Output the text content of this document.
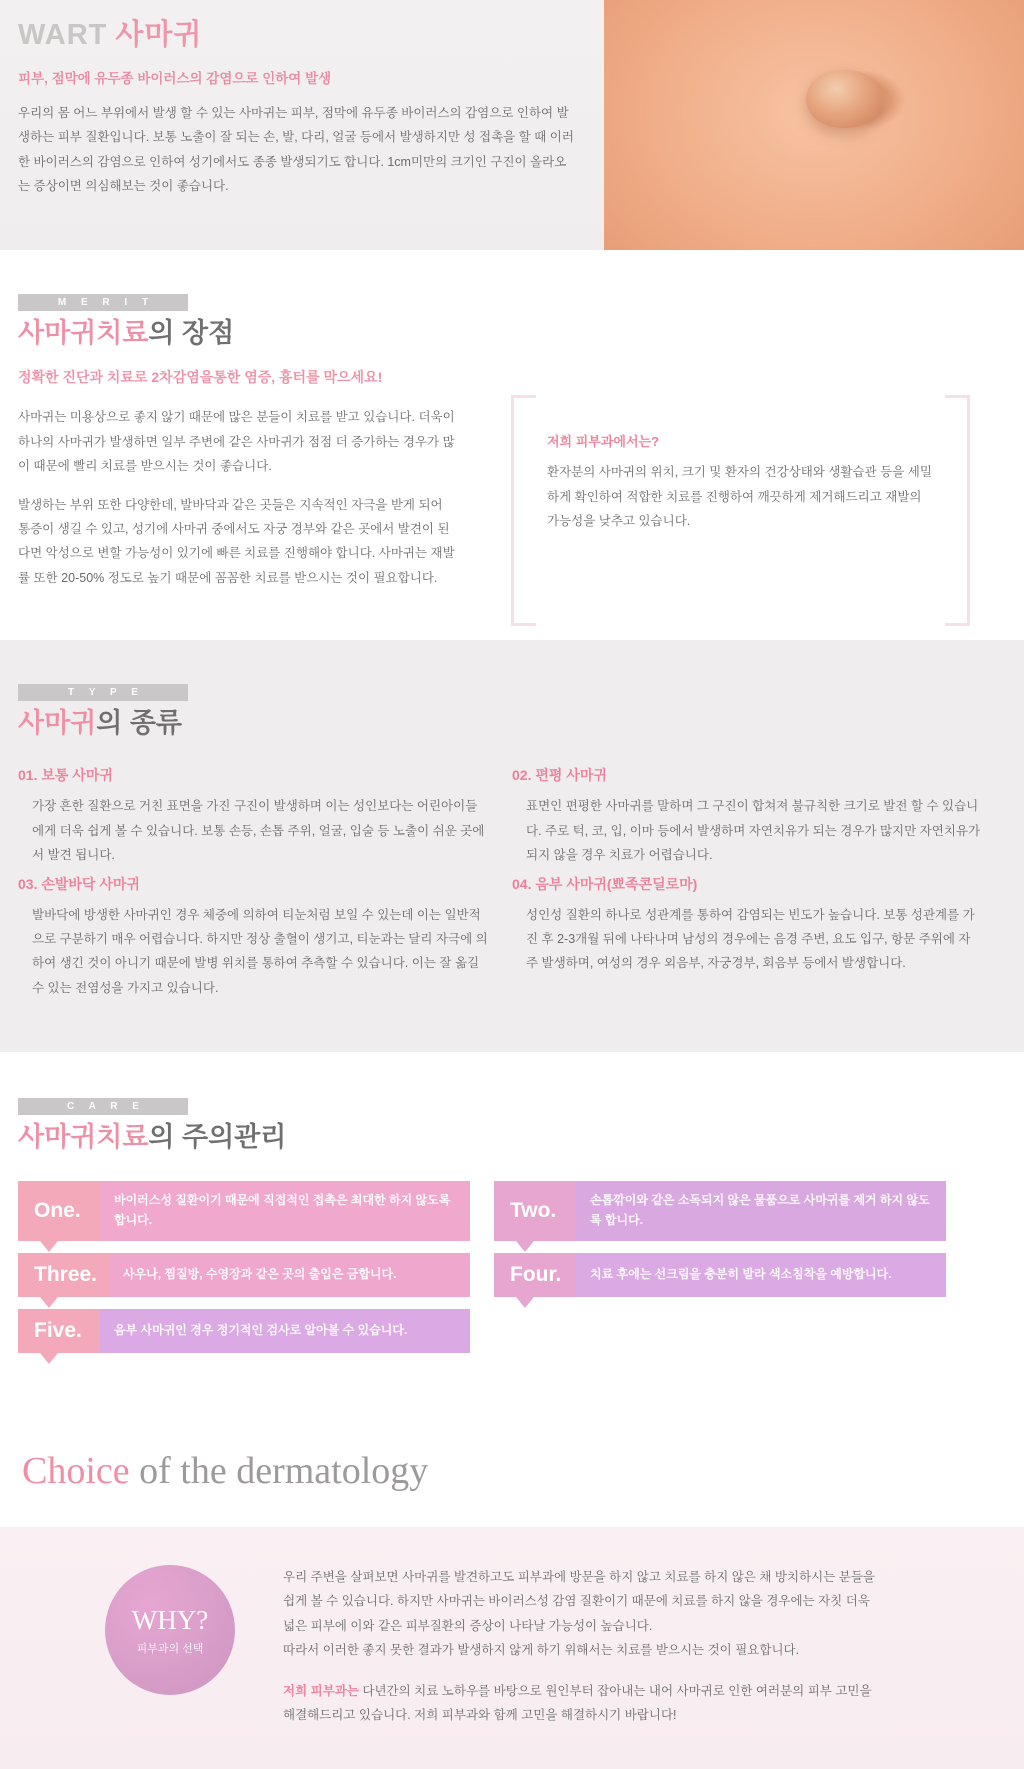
WART 사마귀
피부, 점막에 유두종 바이러스의 감염으로 인하여 발생
우리의 몸 어느 부위에서 발생 할 수 있는 사마귀는 피부, 점막에 유두종 바이러스의 감염으로 인하여 발생하는 피부 질환입니다. 보통 노출이 잘 되는 손, 발, 다리, 얼굴 등에서 발생하지만 성 접촉을 할 때 이러한 바이러스의 감염으로 인하여 성기에서도 종종 발생되기도 합니다. 1cm미만의 크기인 구진이 올라오는 증상이면 의심해보는 것이 좋습니다.
M E R I T
사마귀치료의 장점
정확한 진단과 치료로 2차감염을통한 염증, 흉터를 막으세요!

사마귀는 미용상으로 좋지 않기 때문에 많은 분들이 치료를 받고 있습니다. 더욱이 하나의 사마귀가 발생하면 일부 주변에 같은 사마귀가 점점 더 증가하는 경우가 많이 때문에 빨리 치료를 받으시는 것이 좋습니다.

발생하는 부위 또한 다양한데, 발바닥과 같은 곳들은 지속적인 자극을 받게 되어 통증이 생길 수 있고, 성기에 사마귀 중에서도 자궁 경부와 같은 곳에서 발견이 된다면 악성으로 변할 가능성이 있기에 빠른 치료를 진행해야 합니다. 사마귀는 재발률 또한 20-50% 정도로 높기 때문에 꼼꼼한 치료를 받으시는 것이 필요합니다.

저희 피부과에서는?
환자분의 사마귀의 위치, 크기 및 환자의 건강상태와 생활습관 등을 세밀하게 확인하여 적합한 치료를 진행하여 깨끗하게 제거해드리고 재발의 가능성을 낮추고 있습니다.
T Y P E
사마귀의 종류
01. 보통 사마귀
가장 흔한 질환으로 거친 표면을 가진 구진이 발생하며 이는 성인보다는 어린아이들에게 더욱 쉽게 볼 수 있습니다. 보통 손등, 손톱 주위, 얼굴, 입술 등 노출이 쉬운 곳에서 발견 됩니다.
02. 편평 사마귀
표면인 편평한 사마귀를 말하며 그 구진이 합쳐져 불규칙한 크기로 발전 할 수 있습니다. 주로 턱, 코, 입, 이마 등에서 발생하며 자연치유가 되는 경우가 많지만 자연치유가 되지 않을 경우 치료가 어렵습니다.
03. 손발바닥 사마귀
발바닥에 방생한 사마귀인 경우 체중에 의하여 티눈처럼 보일 수 있는데 이는 일반적으로 구분하기 매우 어렵습니다. 하지만 정상 출혈이 생기고, 티눈과는 달리 자극에 의하여 생긴 것이 아니기 때문에 발병 위치를 통하여 추측할 수 있습니다. 이는 잘 옮길 수 있는 전염성을 가지고 있습니다.
04. 음부 사마귀(뾰족콘딜로마)
성인성 질환의 하나로 성관계를 통하여 감염되는 빈도가 높습니다. 보통 성관계를 가진 후 2-3개월 뒤에 나타나며 남성의 경우에는 음경 주변, 요도 입구, 항문 주위에 자주 발생하며, 여성의 경우 외음부, 자궁경부, 회음부 등에서 발생합니다.
C A R E
사마귀치료의 주의관리
One.	바이러스성 질환이기 때문에 직접적인 접촉은 최대한 하지 않도록 합니다.	Two.	손톱깎이와 같은 소독되지 않은 물품으로 사마귀를 제거 하지 않도록 합니다.
Three.	사우나, 찜질방, 수영장과 같은 곳의 출입은 금합니다.	Four.	치료 후에는 선크림을 충분히 발라 색소침착을 예방합니다.
Five.	음부 사마귀인 경우 정기적인 검사로 알아볼 수 있습니다.
Choice of the dermatology
WHY?
피부과의 선택

우리 주변을 살펴보면 사마귀를 발견하고도 피부과에 방문을 하지 않고 치료를 하지 않은 채 방치하시는 분들을 쉽게 볼 수 있습니다. 하지만 사마귀는 바이러스성 감염 질환이기 때문에 치료를 하지 않을 경우에는 자칫 더욱 넓은 피부에 이와 같은 피부질환의 증상이 나타날 가능성이 높습니다.

따라서 이러한 좋지 못한 결과가 발생하지 않게 하기 위해서는 치료를 받으시는 것이 필요합니다.

저희 피부과는 다년간의 치료 노하우를 바탕으로 원인부터 잡아내는 내어 사마귀로 인한 여러분의 피부 고민을 해결해드리고 있습니다. 저희 피부과와 함께 고민을 해결하시기 바랍니다!
